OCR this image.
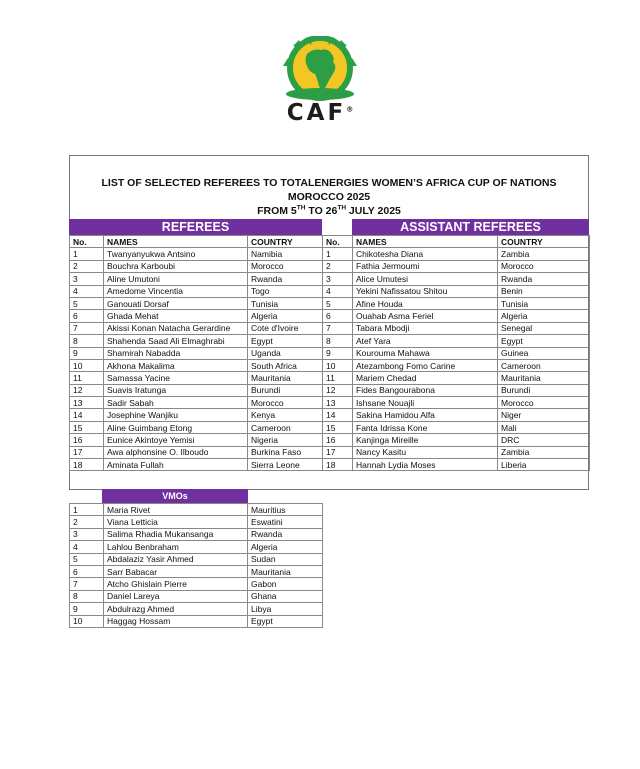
CAF®
LIST OF SELECTED REFEREES TO TOTALENERGIES WOMEN’S AFRICA CUP OF NATIONS
MOROCCO 2025
FROM 5TH TO 26TH JULY 2025
REFEREES	ASSISTANT REFEREES
No.	NAMES	COUNTRY
1	Twanyanyukwa Antsino	Namibia
2	Bouchra Karboubi	Morocco
3	Aline Umutoni	Rwanda
4	Amedome Vincentia	Togo
5	Ganouati Dorsaf	Tunisia
6	Ghada Mehat	Algeria
7	Akissi Konan Natacha Gerardine	Cote d'Ivoire
8	Shahenda Saad Ali Elmaghrabi	Egypt
9	Shamirah Nabadda	Uganda
10	Akhona Makalima	South Africa
11	Samassa Yacine	Mauritania
12	Suavis Iratunga	Burundi
13	Sadir Sabah	Morocco
14	Josephine Wanjiku	Kenya
15	Aline Guimbang Etong	Cameroon
16	Eunice Akintoye Yemisi	Nigeria
17	Awa alphonsine O. Ilboudo	Burkina Faso
18	Aminata Fullah	Sierra Leone
No.	NAMES	COUNTRY
1	Chikotesha Diana	Zambia
2	Fathia Jermoumi	Morocco
3	Alice Umutesi	Rwanda
4	Yekini Nafissatou Shitou	Benin
5	Afine Houda	Tunisia
6	Ouahab Asma Feriel	Algeria
7	Tabara Mbodji	Senegal
8	Atef Yara	Egypt
9	Kourouma Mahawa	Guinea
10	Atezambong Fomo Carine	Cameroon
11	Mariem Chedad	Mauritania
12	Fides Bangourabona	Burundi
13	Ishsane Nouajli	Morocco
14	Sakina Hamidou Alfa	Niger
15	Fanta Idrissa Kone	Mali
16	Kanjinga Mireille	DRC
17	Nancy Kasitu	Zambia
18	Hannah Lydia Moses	Liberia
VMOs
1	Maria Rivet	Mauritius
2	Viana Letticia	Eswatini
3	Salima Rhadia Mukansanga	Rwanda
4	Lahlou Benbraham	Algeria
5	Abdalaziz Yasir Ahmed	Sudan
6	Sarr Babacar	Mauritania
7	Atcho Ghislain Pierre	Gabon
8	Daniel Lareya	Ghana
9	Abdulrazg Ahmed	Libya
10	Haggag Hossam	Egypt
